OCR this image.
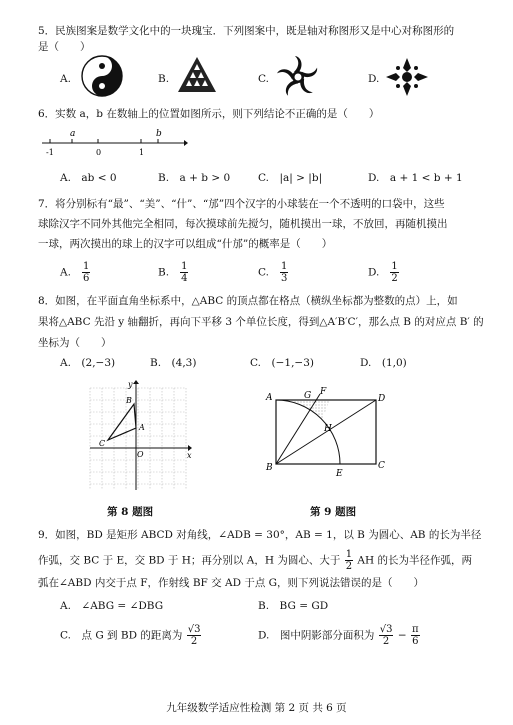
5．民族图案是数学文化中的一块瑰宝．下列图案中，既是轴对称图形又是中心对称图形的
是（　　）
A.	B.	C.	D.
6．实数 a，b 在数轴上的位置如图所示，则下列结论不正确的是（　　）
a	b
-1	0	1
A.　ab < 0	B.　a + b > 0	C.　|a| > |b|	D.　a + 1 < b + 1
7．将分别标有“最”、“美”、“什”、“邡”四个汉字的小球装在一个不透明的口袋中，这些
球除汉字不同外其他完全相同，每次摸球前先搅匀，随机摸出一球，不放回，再随机摸出
一球，两次摸出的球上的汉字可以组成“什邡”的概率是（　　）
A. $\frac{1}{6}$	B. $\frac{1}{4}$	C. $\frac{1}{3}$	D. $\frac{1}{2}$
8．如图，在平面直角坐标系中，△ABC 的顶点都在格点（横纵坐标都为整数的点）上，如
果将△ABC 先沿 y 轴翻折，再向下平移 3 个单位长度，得到△A′B′C′，那么点 B 的对应点 B′ 的
坐标为（　　）
A.　(2,−3)	B.　(4,3)	C.　(−1,−3)	D.　(1,0)
y
x
B
A
C
O
第 8 题图
A	G F
D
H
B
E
C
第 9 题图
9．如图，BD 是矩形 ABCD 对角线，∠ADB = 30°，AB = 1，以 B 为圆心、AB 的长为半径
作弧，交 BC 于 E，交 BD 于 H；再分别以 A，H 为圆心、大于 $\frac{1}{2}$ AH 的长为半径作弧，两
弧在∠ABD 内交于点 F，作射线 BF 交 AD 于点 G，则下列说法错误的是（　　）
A.　∠ABG = ∠DBG	B.　BG = GD
C.　点 G 到 BD 的距离为 $\frac{√3}{2}$	D.　图中阴影部分面积为 $\frac{√3}{2} - \frac{\pi}{6}$
九年级数学适应性检测 第 2 页 共 6 页
